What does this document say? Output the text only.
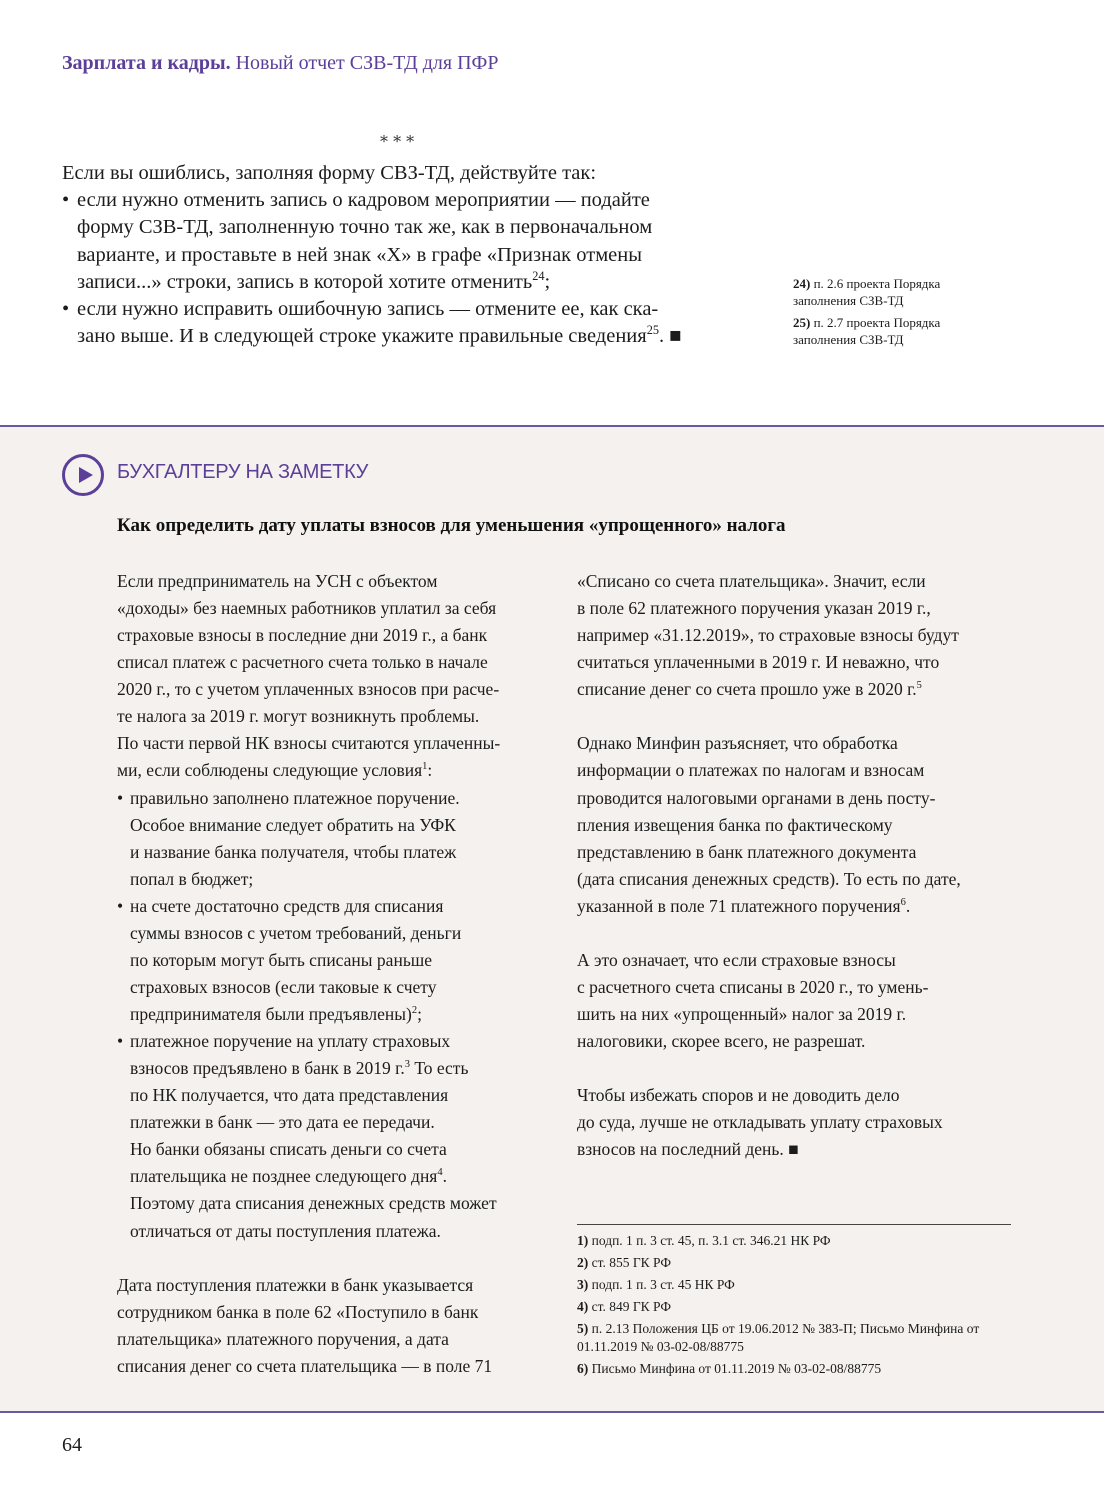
Зарплата и кадры. Новый отчет СЗВ-ТД для ПФР
* * *
Если вы ошиблись, заполняя форму СВЗ-ТД, действуйте так:
• если нужно отменить запись о кадровом мероприятии — подайте
форму СЗВ-ТД, заполненную точно так же, как в первоначальном
варианте, и проставьте в ней знак «Х» в графе «Признак отмены
записи...» строки, запись в которой хотите отменить$^{24}$;
• если нужно исправить ошибочную запись — отмените ее, как ска-
зано выше. И в следующей строке укажите правильные сведения$^{25}$. ■
24) п. 2.6 проекта Порядка заполнения СЗВ-ТД
25) п. 2.7 проекта Порядка заполнения СЗВ-ТД
БУХГАЛТЕРУ НА ЗАМЕТКУ
Как определить дату уплаты взносов для уменьшения «упрощенного» налога
Если предприниматель на УСН с объектом
«доходы» без наемных работников уплатил за себя
страховые взносы в последние дни 2019 г., а банк
списал платеж с расчетного счета только в начале
2020 г., то с учетом уплаченных взносов при расче-
те налога за 2019 г. могут возникнуть проблемы.
По части первой НК взносы считаются уплаченны-
ми, если соблюдены следующие условия$^1$:
• правильно заполнено платежное поручение.
Особое внимание следует обратить на УФК
и название банка получателя, чтобы платеж
попал в бюджет;
• на счете достаточно средств для списания
суммы взносов с учетом требований, деньги
по которым могут быть списаны раньше
страховых взносов (если таковые к счету
предпринимателя были предъявлены)$^2$;
• платежное поручение на уплату страховых
взносов предъявлено в банк в 2019 г.$^3$ То есть
по НК получается, что дата представления
платежки в банк — это дата ее передачи.
Но банки обязаны списать деньги со счета
плательщика не позднее следующего дня$^4$.
Поэтому дата списания денежных средств может
отличаться от даты поступления платежа.
Дата поступления платежки в банк указывается
сотрудником банка в поле 62 «Поступило в банк
плательщика» платежного поручения, а дата
списания денег со счета плательщика — в поле 71
«Списано со счета плательщика». Значит, если
в поле 62 платежного поручения указан 2019 г.,
например «31.12.2019», то страховые взносы будут
считаться уплаченными в 2019 г. И неважно, что
списание денег со счета прошло уже в 2020 г.$^5$
Однако Минфин разъясняет, что обработка
информации о платежах по налогам и взносам
проводится налоговыми органами в день посту-
пления извещения банка по фактическому
представлению в банк платежного документа
(дата списания денежных средств). То есть по дате,
указанной в поле 71 платежного поручения$^6$.
А это означает, что если страховые взносы
с расчетного счета списаны в 2020 г., то умень-
шить на них «упрощенный» налог за 2019 г.
налоговики, скорее всего, не разрешат.
Чтобы избежать споров и не доводить дело
до суда, лучше не откладывать уплату страховых
взносов на последний день. ■
1) подп. 1 п. 3 ст. 45, п. 3.1 ст. 346.21 НК РФ
2) ст. 855 ГК РФ
3) подп. 1 п. 3 ст. 45 НК РФ
4) ст. 849 ГК РФ
5) п. 2.13 Положения ЦБ от 19.06.2012 № 383-П; Письмо Минфина от 01.11.2019 № 03-02-08/88775
6) Письмо Минфина от 01.11.2019 № 03-02-08/88775
64
